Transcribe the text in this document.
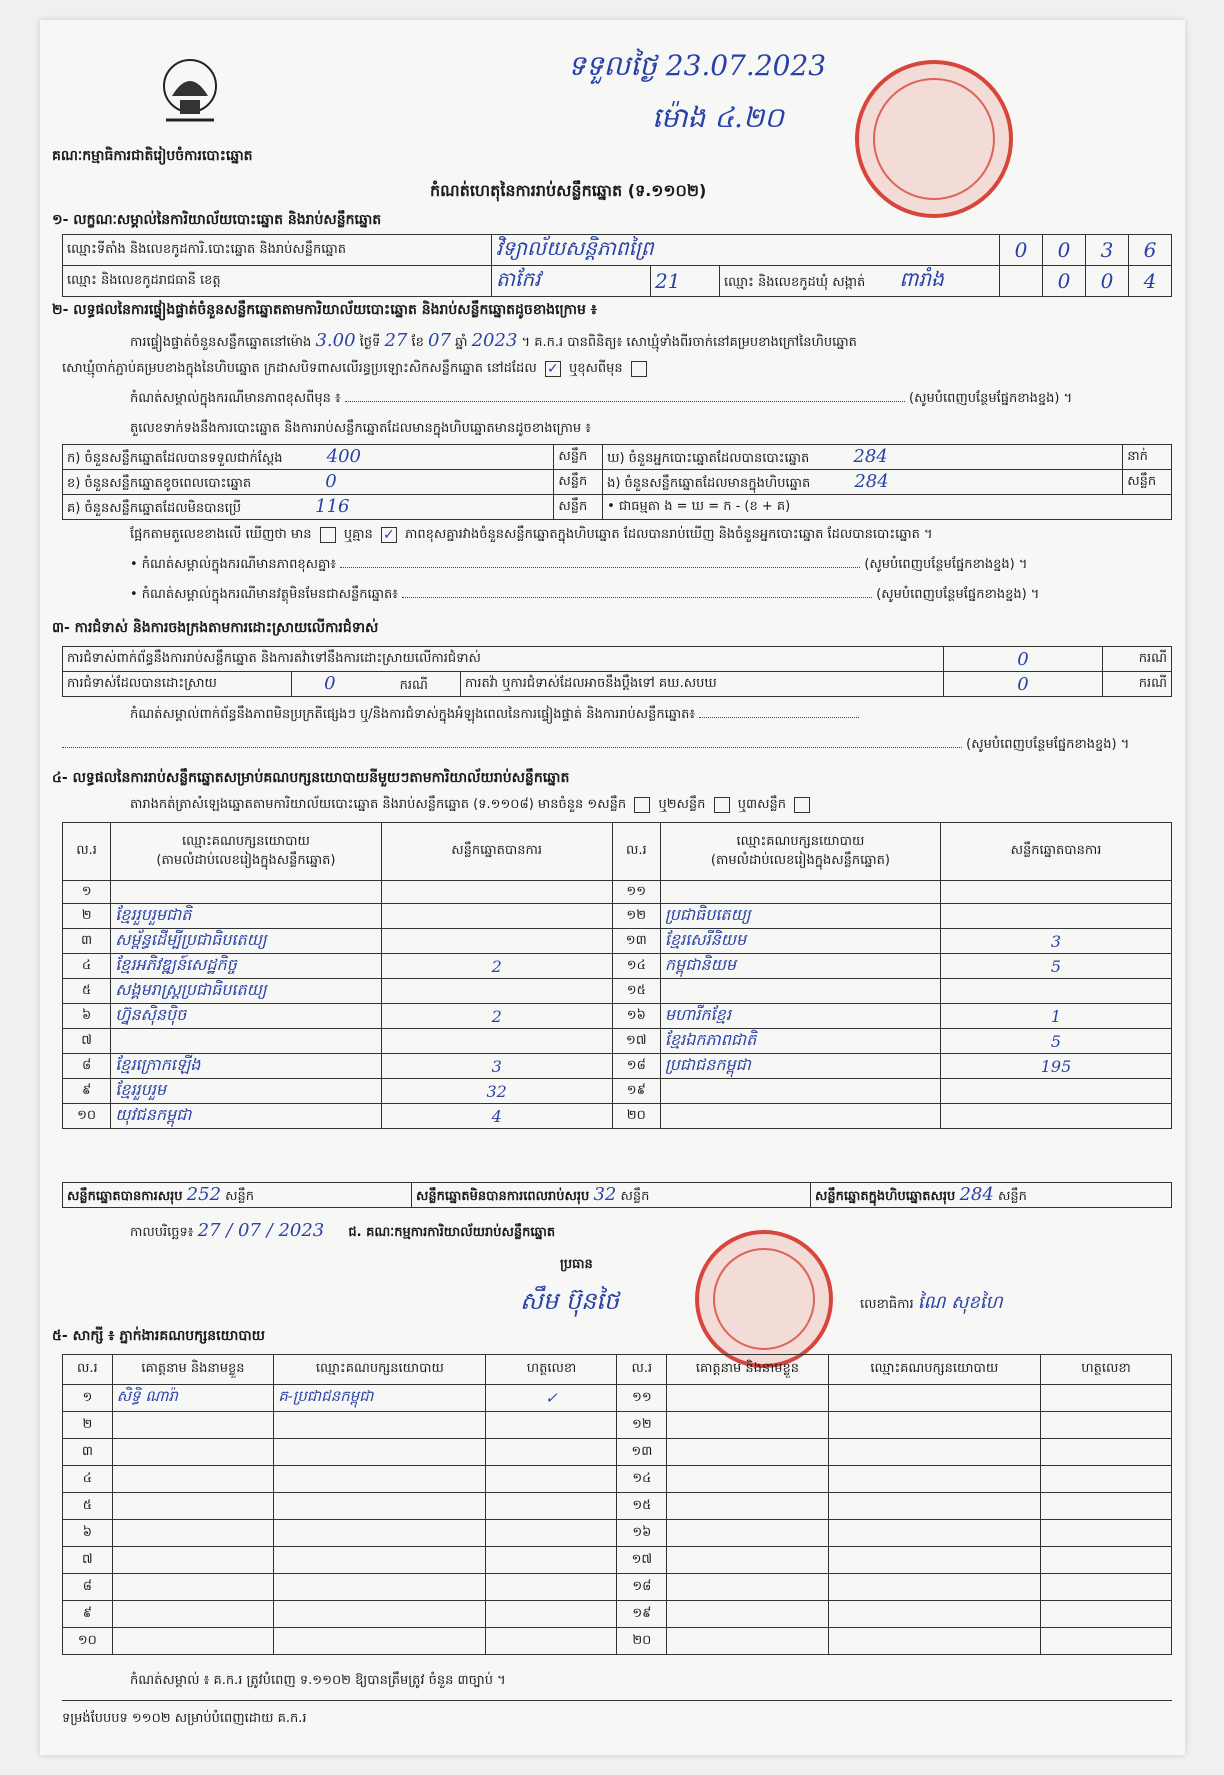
គណៈកម្មាធិការជាតិរៀបចំការបោះឆ្នោត
កំណត់ហេតុនៃការរាប់សន្លឹកឆ្នោត (ទ.១១០២)
ទទួលថ្ងៃ 23.07.2023
ម៉ោង ៤.២០
១- លក្ខណៈសម្គាល់នៃការិយាល័យបោះឆ្នោត និងរាប់សន្លឹកឆ្នោត
ឈ្មោះទីតាំង និងលេខកូដការិ.បោះឆ្នោត និងរាប់សន្លឹកឆ្នោត	វិទ្យាល័យសន្តិភាពព្រៃ			0	0	3	6
ឈ្មោះ និងលេខកូដរាជធានី ខេត្ត	តាកែវ	21	ឈ្មោះ និងលេខកូដឃុំ សង្កាត់ ពារាំង		0	0	4
២- លទ្ធផលនៃការផ្ទៀងផ្ទាត់ចំនួនសន្លឹកឆ្នោតតាមការិយាល័យបោះឆ្នោត និងរាប់សន្លឹកឆ្នោតដូចខាងក្រោម ៖
ការផ្ទៀងផ្ទាត់ចំនួនសន្លឹកឆ្នោតនៅម៉ោង 3.00 ថ្ងៃទី 27 ខែ 07 ឆ្នាំ 2023 ។ គ.ក.រ បានពិនិត្យ៖ សោឃ្មុំទាំងពីរចាក់នៅគម្របខាងក្រៅនៃហិបឆ្នោត
សោឃ្មុំចាក់ភ្ជាប់គម្របខាងក្នុងនៃហិបឆ្នោត ក្រដាសបិទពាសលើរន្ធប្រឡោះសិកសន្លឹកឆ្នោត នៅដដែល ✓ ឬខុសពីមុន
កំណត់សម្គាល់ក្នុងករណីមានភាពខុសពីមុន ៖	(សូមបំពេញបន្ថែមផ្នែកខាងខ្នង) ។
តួលេខទាក់ទងនឹងការបោះឆ្នោត និងការរាប់សន្លឹកឆ្នោតដែលមានក្នុងហិបឆ្នោតមានដូចខាងក្រោម ៖
ក) ចំនួនសន្លឹកឆ្នោតដែលបានទទួលជាក់ស្តែង 400	សន្លឹក	ឃ) ចំនួនអ្នកបោះឆ្នោតដែលបានបោះឆ្នោត 284	នាក់
ខ) ចំនួនសន្លឹកឆ្នោតខូចពេលបោះឆ្នោត 0	សន្លឹក	ង) ចំនួនសន្លឹកឆ្នោតដែលមានក្នុងហិបឆ្នោត 284	សន្លឹក
គ) ចំនួនសន្លឹកឆ្នោតដែលមិនបានប្រើ 116	សន្លឹក	• ជាធម្មតា ង = ឃ = ក - (ខ + គ)	
ផ្អែកតាមតួលេខខាងលើ ឃើញថា មាន ឬគ្មាន ✓ ភាពខុសគ្នារវាងចំនួនសន្លឹកឆ្នោតក្នុងហិបឆ្នោត ដែលបានរាប់ឃើញ និងចំនួនអ្នកបោះឆ្នោត ដែលបានបោះឆ្នោត ។
• កំណត់សម្គាល់ក្នុងករណីមានភាពខុសគ្នា៖	(សូមបំពេញបន្ថែមផ្នែកខាងខ្នង) ។
• កំណត់សម្គាល់ក្នុងករណីមានវត្ថុមិនមែនជាសន្លឹកឆ្នោត៖	(សូមបំពេញបន្ថែមផ្នែកខាងខ្នង) ។
៣- ការជំទាស់ និងការចងក្រងតាមការដោះស្រាយលើការជំទាស់
ការជំទាស់ពាក់ព័ន្ធនឹងការរាប់សន្លឹកឆ្នោត និងការតវ៉ាទៅនឹងការដោះស្រាយលើការជំទាស់			0	ករណី
ការជំទាស់ដែលបានដោះស្រាយ	0 ករណី	ការតវ៉ា ឬការជំទាស់ដែលអាចនឹងប្តឹងទៅ គឃ.សបឃ	0	ករណី
កំណត់សម្គាល់ពាក់ព័ន្ធនឹងភាពមិនប្រក្រតីផ្សេងៗ ឬ/និងការជំទាស់ក្នុងអំឡុងពេលនៃការផ្ទៀងផ្ទាត់ និងការរាប់សន្លឹកឆ្នោត៖
(សូមបំពេញបន្ថែមផ្នែកខាងខ្នង) ។
៤- លទ្ធផលនៃការរាប់សន្លឹកឆ្នោតសម្រាប់គណបក្សនយោបាយនីមួយៗតាមការិយាល័យរាប់សន្លឹកឆ្នោត
តារាងកត់ត្រាសំឡេងឆ្នោតតាមការិយាល័យបោះឆ្នោត និងរាប់សន្លឹកឆ្នោត (ទ.១១០៨) មានចំនួន ១សន្លឹក ឬ២សន្លឹក ឬ៣សន្លឹក
ល.រ	ឈ្មោះគណបក្សនយោបាយ
(តាមលំដាប់លេខរៀងក្នុងសន្លឹកឆ្នោត)	សន្លឹកឆ្នោតបានការ	ល.រ	ឈ្មោះគណបក្សនយោបាយ
(តាមលំដាប់លេខរៀងក្នុងសន្លឹកឆ្នោត)	សន្លឹកឆ្នោតបានការ
១			១១		
២	ខ្មែររួបរួមជាតិ		១២	ប្រជាធិបតេយ្យ	
៣	សម្ព័ន្ធដើម្បីប្រជាធិបតេយ្យ		១៣	ខ្មែរសេរីនិយម	3
៤	ខ្មែរអភិវឌ្ឍន៍សេដ្ឋកិច្ច	2	១៤	កម្ពុជានិយម	5
៥	សង្គមរាស្ត្រប្រជាធិបតេយ្យ		១៥		
៦	ហ្វ៊ុនស៊ិនប៉ិច	2	១៦	មហារីកខ្មែរ	1
៧			១៧	ខ្មែរឯកភាពជាតិ	5
៨	ខ្មែរក្រោកឡើង	3	១៨	ប្រជាជនកម្ពុជា	195
៩	ខ្មែររួបរួម	32	១៩		
១០	យុវជនកម្ពុជា	4	២០		
សន្លឹកឆ្នោតបានការសរុប 252 សន្លឹក	សន្លឹកឆ្នោតមិនបានការពេលរាប់សរុប 32 សន្លឹក	សន្លឹកឆ្នោតក្នុងហិបឆ្នោតសរុប 284 សន្លឹក
កាលបរិច្ឆេទ៖ 27 / 07 / 2023 ជ. គណៈកម្មការការិយាល័យរាប់សន្លឹកឆ្នោត
ប្រធាន
សឹម ប៊ុនថៃ	លេខាធិការ ណៃ សុខហៃ
៥- សាក្សី ៖ ភ្នាក់ងារគណបក្សនយោបាយ
ល.រ	គោត្តនាម និងនាមខ្លួន	ឈ្មោះគណបក្សនយោបាយ	ហត្ថលេខា	ល.រ	គោត្តនាម និងនាមខ្លួន	ឈ្មោះគណបក្សនយោបាយ	ហត្ថលេខា
១	សិទ្ធិ ណារ៉ា	គ-ប្រជាជនកម្ពុជា	✓	១១			
២				១២			
៣				១៣			
៤				១៤			
៥				១៥			
៦				១៦			
៧				១៧			
៨				១៨			
៩				១៩			
១០				២០			
កំណត់សម្គាល់ ៖ គ.ក.រ ត្រូវបំពេញ ទ.១១០២ ឱ្យបានត្រឹមត្រូវ ចំនួន ៣ច្បាប់ ។
ទម្រង់បែបបទ ១១០២ សម្រាប់បំពេញដោយ គ.ក.រ
